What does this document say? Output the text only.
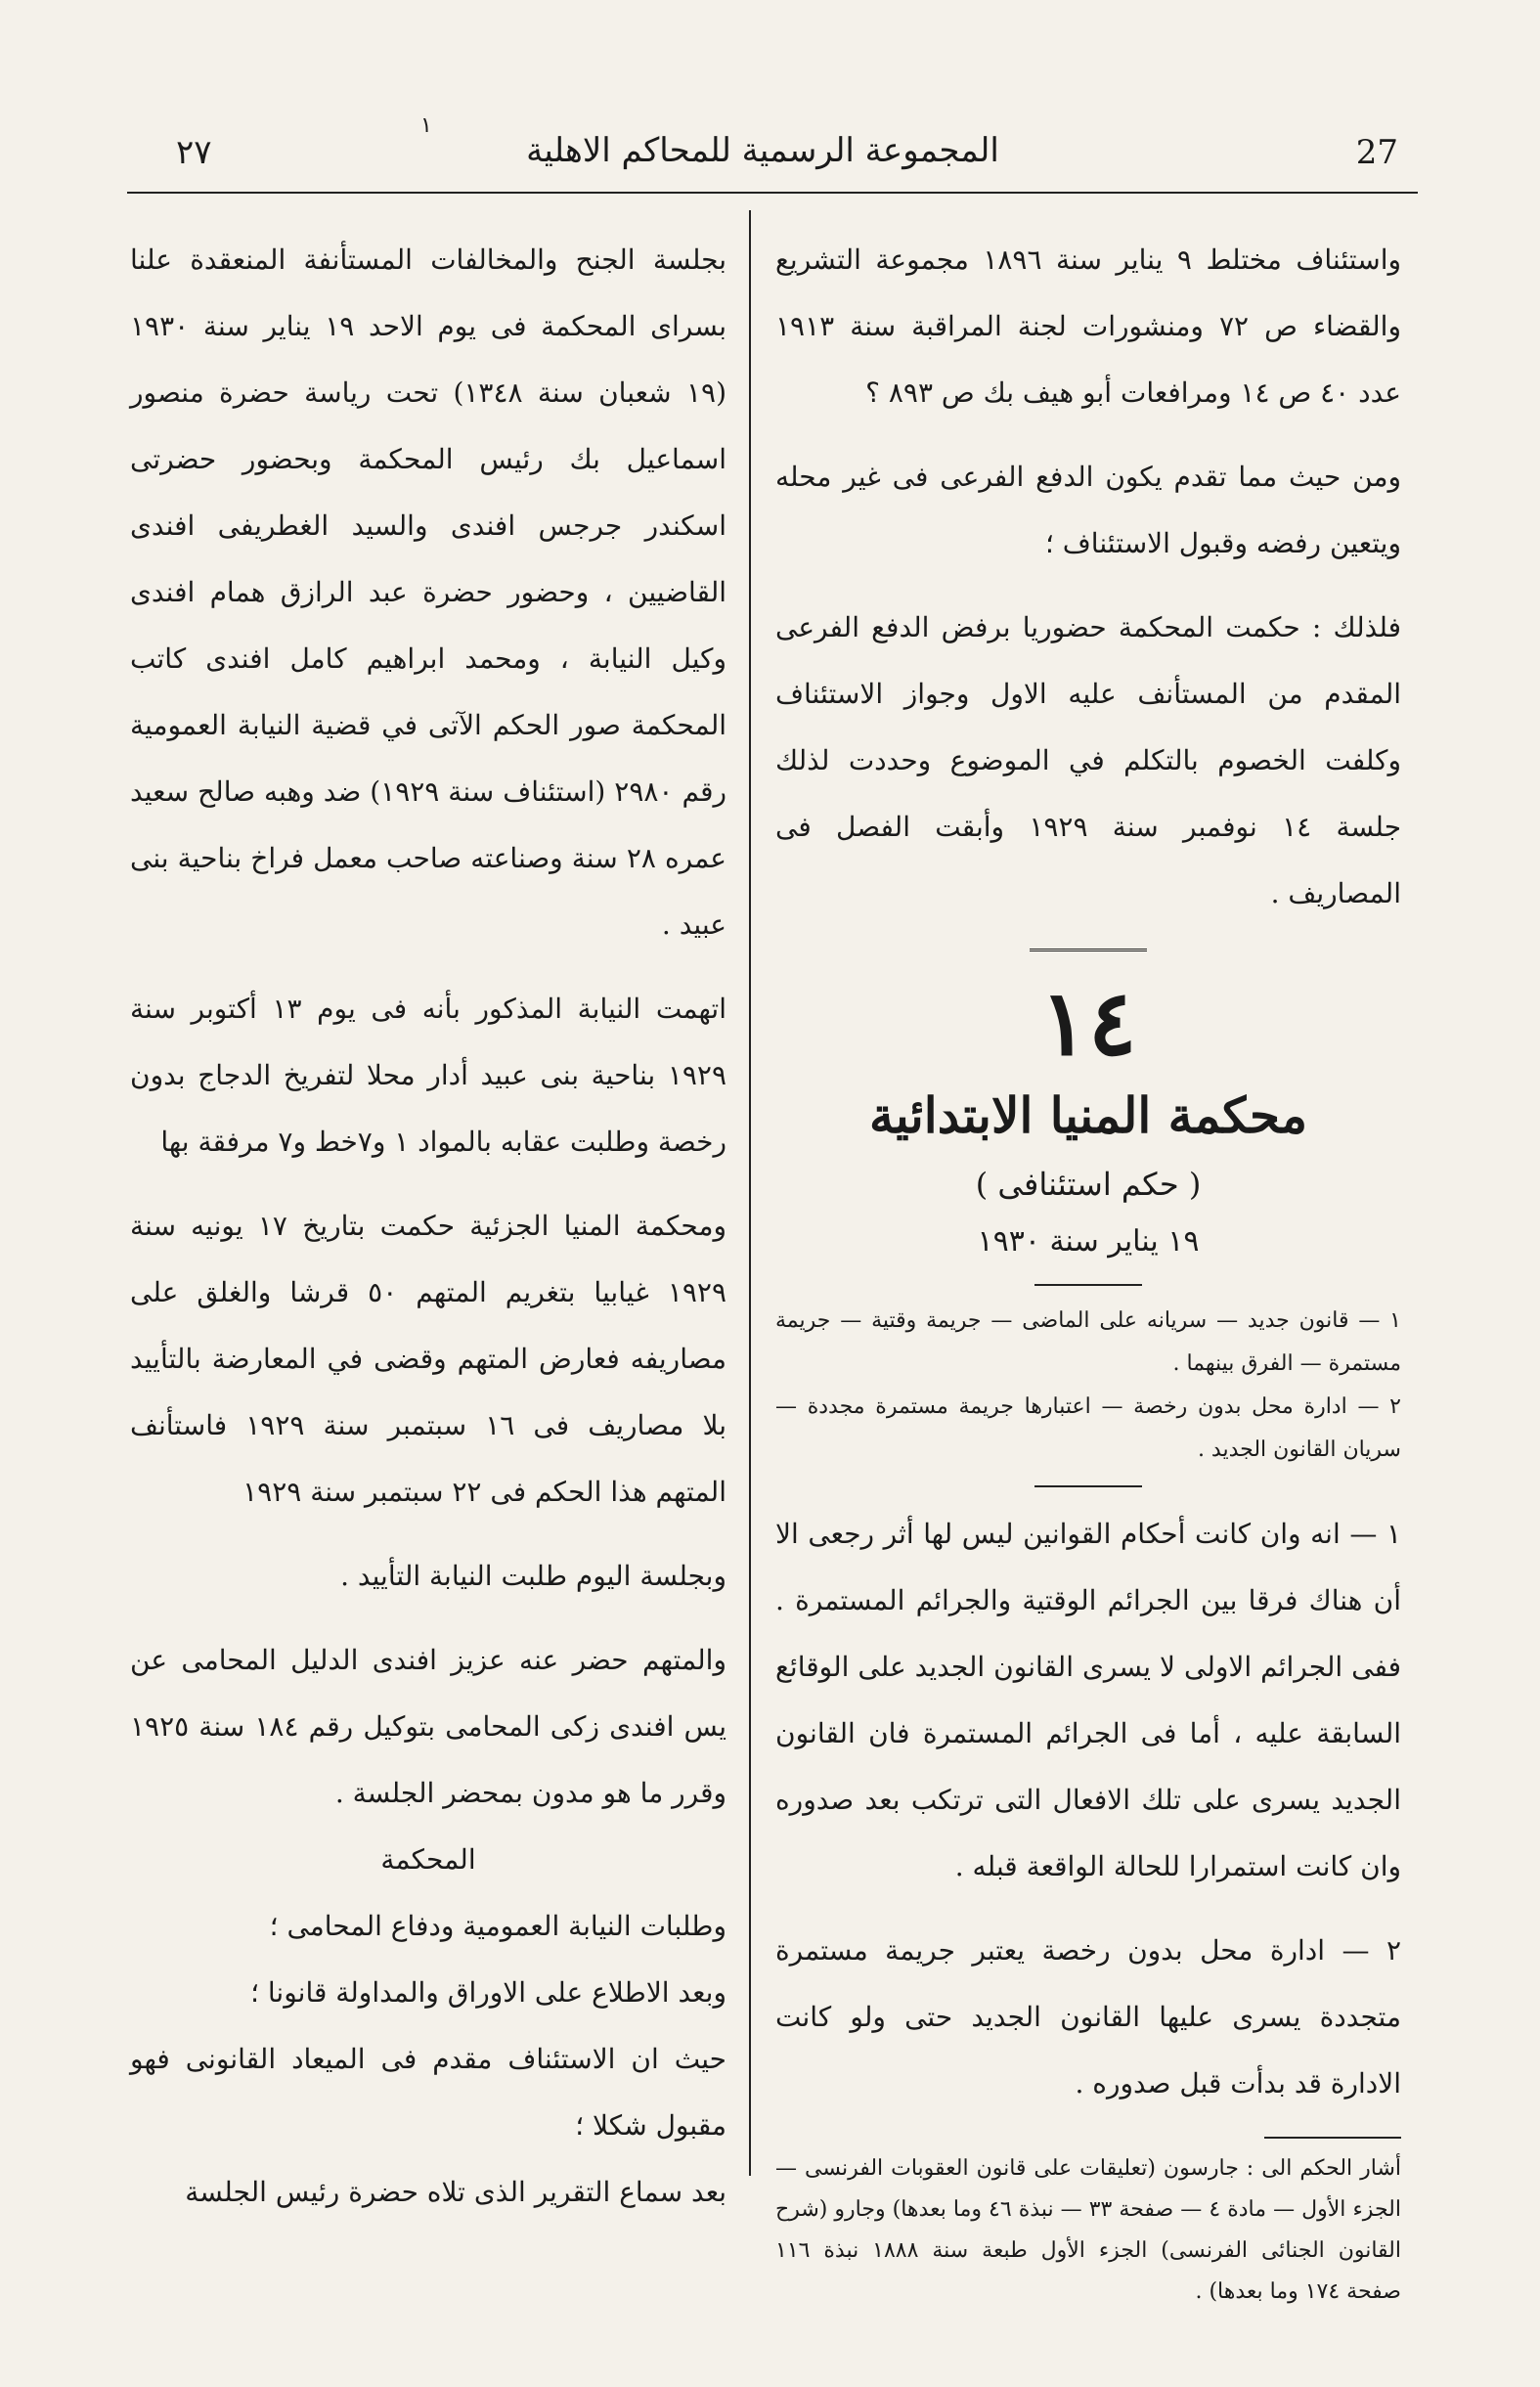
٢٧
١
المجموعة الرسمية للمحاكم الاهلية	27

واستئناف مختلط ٩ يناير سنة ١٨٩٦ مجموعة التشريع والقضاء ص ٧٢ ومنشورات لجنة المراقبة سنة ١٩١٣ عدد ٤٠ ص ١٤ ومرافعات أبو هيف بك ص ٨٩٣ ؟

ومن حيث مما تقدم يكون الدفع الفرعى فى غير محله ويتعين رفضه وقبول الاستئناف ؛

فلذلك : حكمت المحكمة حضوريا برفض الدفع الفرعى المقدم من المستأنف عليه الاول وجواز الاستئناف وكلفت الخصوم بالتكلم في الموضوع وحددت لذلك جلسة ١٤ نوفمبر سنة ١٩٢٩ وأبقت الفصل فى المصاريف .

١٤
محكمة المنيا الابتدائية
( حكم استئنافى )
١٩ يناير سنة ١٩٣٠

١ — قانون جديد — سريانه على الماضى — جريمة وقتية — جريمة مستمرة — الفرق بينهما .

٢ — ادارة محل بدون رخصة — اعتبارها جريمة مستمرة مجددة — سريان القانون الجديد .

١ — انه وان كانت أحكام القوانين ليس لها أثر رجعى الا أن هناك فرقا بين الجرائم الوقتية والجرائم المستمرة . ففى الجرائم الاولى لا يسرى القانون الجديد على الوقائع السابقة عليه ، أما فى الجرائم المستمرة فان القانون الجديد يسرى على تلك الافعال التى ترتكب بعد صدوره وان كانت استمرارا للحالة الواقعة قبله .

٢ — ادارة محل بدون رخصة يعتبر جريمة مستمرة متجددة يسرى عليها القانون الجديد حتى ولو كانت الادارة قد بدأت قبل صدوره .

أشار الحكم الى : جارسون (تعليقات على قانون العقوبات الفرنسى — الجزء الأول — مادة ٤ — صفحة ٣٣ — نبذة ٤٦ وما بعدها) وجارو (شرح القانون الجنائى الفرنسى) الجزء الأول طبعة سنة ١٨٨٨ نبذة ١١٦ صفحة ١٧٤ وما بعدها) .

بجلسة الجنح والمخالفات المستأنفة المنعقدة علنا بسراى المحكمة فى يوم الاحد ١٩ يناير سنة ١٩٣٠ (١٩ شعبان سنة ١٣٤٨) تحت رياسة حضرة منصور اسماعيل بك رئيس المحكمة وبحضور حضرتى اسكندر جرجس افندى والسيد الغطريفى افندى القاضيين ، وحضور حضرة عبد الرازق همام افندى وكيل النيابة ، ومحمد ابراهيم كامل افندى كاتب المحكمة صور الحكم الآتى في قضية النيابة العمومية رقم ٢٩٨٠ (استئناف سنة ١٩٢٩) ضد وهبه صالح سعيد عمره ٢٨ سنة وصناعته صاحب معمل فراخ بناحية بنى عبيد .

اتهمت النيابة المذكور بأنه فى يوم ١٣ أكتوبر سنة ١٩٢٩ بناحية بنى عبيد أدار محلا لتفريخ الدجاج بدون رخصة وطلبت عقابه بالمواد ١ و٧خط و٧ مرفقة بها

ومحكمة المنيا الجزئية حكمت بتاريخ ١٧ يونيه سنة ١٩٢٩ غيابيا بتغريم المتهم ٥٠ قرشا والغلق على مصاريفه فعارض المتهم وقضى في المعارضة بالتأييد بلا مصاريف فى ١٦ سبتمبر سنة ١٩٢٩ فاستأنف المتهم هذا الحكم فى ٢٢ سبتمبر سنة ١٩٢٩

وبجلسة اليوم طلبت النيابة التأييد .

والمتهم حضر عنه عزيز افندى الدليل المحامى عن يس افندى زكى المحامى بتوكيل رقم ١٨٤ سنة ١٩٢٥ وقرر ما هو مدون بمحضر الجلسة .

المحكمة

وطلبات النيابة العمومية ودفاع المحامى ؛

وبعد الاطلاع على الاوراق والمداولة قانونا ؛

حيث ان الاستئناف مقدم فى الميعاد القانونى فهو مقبول شكلا ؛

بعد سماع التقرير الذى تلاه حضرة رئيس الجلسة
